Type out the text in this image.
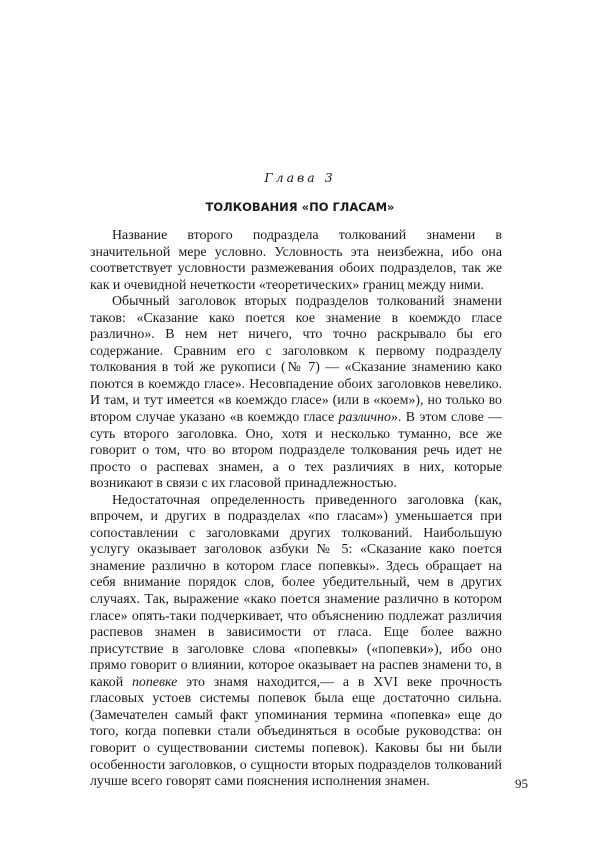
Глава 3
ТОЛКОВАНИЯ «ПО ГЛАСАМ»

Название второго подраздела толкований знамени в значительной мере условно. Условность эта неизбежна, ибо она соответствует условности размежевания обоих подразделов, так же как и очевидной нечеткости «теоретических» границ между ними.

Обычный заголовок вторых подразделов толкований знамени таков: «Сказание како поется кое знамение в коемждо гласе различно». В нем нет ничего, что точно раскрывало бы его содержание. Сравним его с заголовком к первому подразделу толкования в той же рукописи (№ 7) — «Сказание знамению како поются в коемждо гласе». Несовпадение обоих заголовков невелико. И там, и тут имеется «в коемждо гласе» (или в «коем»), но только во втором случае указано «в коемждо гласе различно». В этом слове — суть второго заголовка. Оно, хотя и несколько туманно, все же говорит о том, что во втором подразделе толкования речь идет не просто о распевах знамен, а о тех различиях в них, которые возникают в связи с их гласовой принадлежностью.

Недостаточная определенность приведенного заголовка (как, впрочем, и других в подразделах «по гласам») уменьшается при сопоставлении с заголовками других толкований. Наибольшую услугу оказывает заголовок азбуки № 5: «Сказание како поется знамение различно в котором гласе попевкы». Здесь обращает на себя внимание порядок слов, более убедительный, чем в других случаях. Так, выражение «како поется знамение различно в котором гласе» опять-таки подчеркивает, что объяснению подлежат различия распевов знамен в зависимости от гласа. Еще более важно присутствие в заголовке слова «попевкы» («попевки»), ибо оно прямо говорит о влиянии, которое оказывает на распев знамени то, в какой попевке это знамя находится,— а в XVI веке прочность гласовых устоев системы попевок была еще достаточно сильна. (Замечателен самый факт упоминания термина «попевка» еще до того, когда попевки стали объединяться в особые руководства: он говорит о существовании системы попевок). Каковы бы ни были особенности заголовков, о сущности вторых подразделов толкований лучше всего говорят сами пояснения исполнения знамен.	95
